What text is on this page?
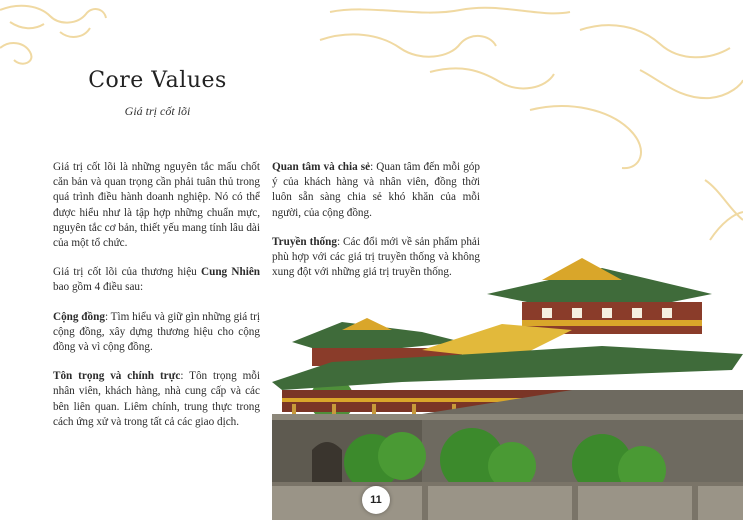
Core Values
Giá trị cốt lõi

Giá trị cốt lõi là những nguyên tắc mấu chốt căn bản và quan trọng cần phải tuân thủ trong quá trình điều hành doanh nghiệp. Nó có thể được hiểu như là tập hợp những chuẩn mực, nguyên tắc cơ bản, thiết yếu mang tính lâu dài của một tổ chức.

Giá trị cốt lõi của thương hiệu Cung Nhiên bao gồm 4 điều sau:

Cộng đồng: Tìm hiểu và giữ gìn những giá trị cộng đồng, xây dựng thương hiệu cho cộng đồng và vì cộng đồng.

Tôn trọng và chính trực: Tôn trọng mỗi nhân viên, khách hàng, nhà cung cấp và các bên liên quan. Liêm chính, trung thực trong cách ứng xử và trong tất cả các giao dịch.

Quan tâm và chia sẻ: Quan tâm đến mỗi góp ý của khách hàng và nhân viên, đồng thời luôn sẵn sàng chia sẻ khó khăn của mỗi người, của cộng đồng.

Truyền thống: Các đổi mới về sản phẩm phải phù hợp với các giá trị truyền thống và không xung đột với những giá trị truyền thống.

11
